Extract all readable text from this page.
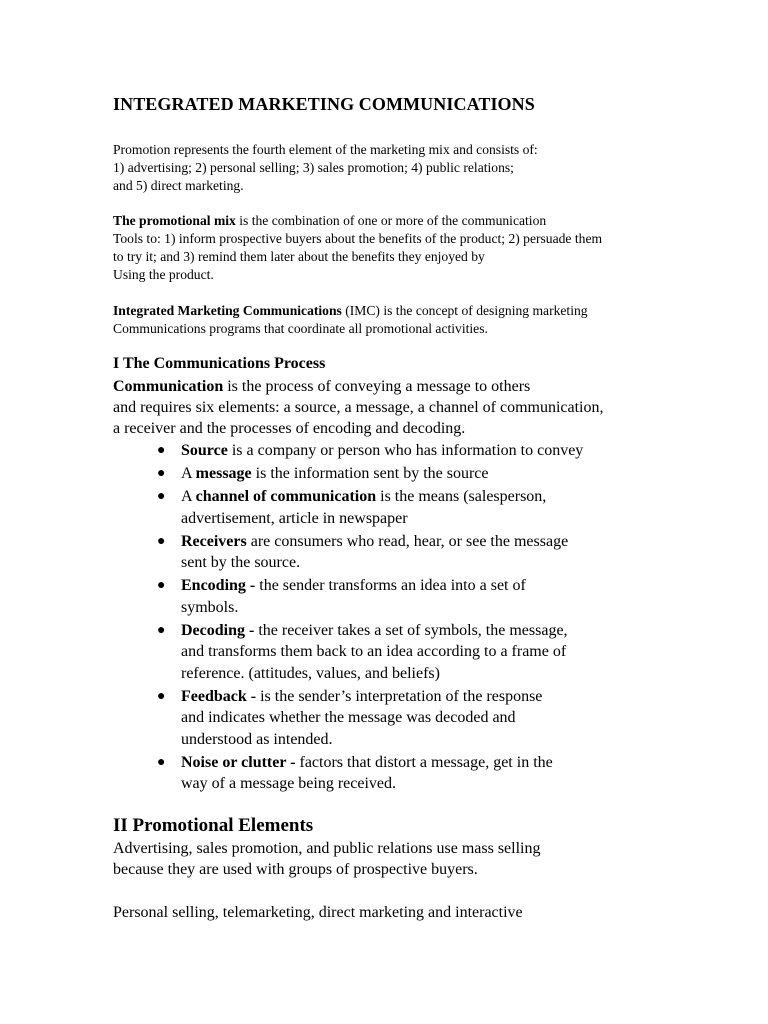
INTEGRATED MARKETING COMMUNICATIONS
Promotion represents the fourth element of the marketing mix and consists of:
1) advertising; 2) personal selling; 3) sales promotion; 4) public relations;
and 5) direct marketing.
The promotional mix is the combination of one or more of the communication
Tools to: 1) inform prospective buyers about the benefits of the product; 2) persuade them
to try it; and 3) remind them later about the benefits they enjoyed by
Using the product.
Integrated Marketing Communications (IMC) is the concept of designing marketing
Communications programs that coordinate all promotional activities.
I The Communications Process
Communication is the process of conveying a message to others
and requires six elements: a source, a message, a channel of communication,
a receiver and the processes of encoding and decoding.
● Source is a company or person who has information to convey
● A message is the information sent by the source
● A channel of communication is the means (salesperson,
advertisement, article in newspaper
● Receivers are consumers who read, hear, or see the message
sent by the source.
● Encoding - the sender transforms an idea into a set of
symbols.
● Decoding - the receiver takes a set of symbols, the message,
and transforms them back to an idea according to a frame of
reference. (attitudes, values, and beliefs)
● Feedback - is the sender’s interpretation of the response
and indicates whether the message was decoded and
understood as intended.
● Noise or clutter - factors that distort a message, get in the
way of a message being received.
II Promotional Elements
Advertising, sales promotion, and public relations use mass selling
because they are used with groups of prospective buyers.
Personal selling, telemarketing, direct marketing and interactive
